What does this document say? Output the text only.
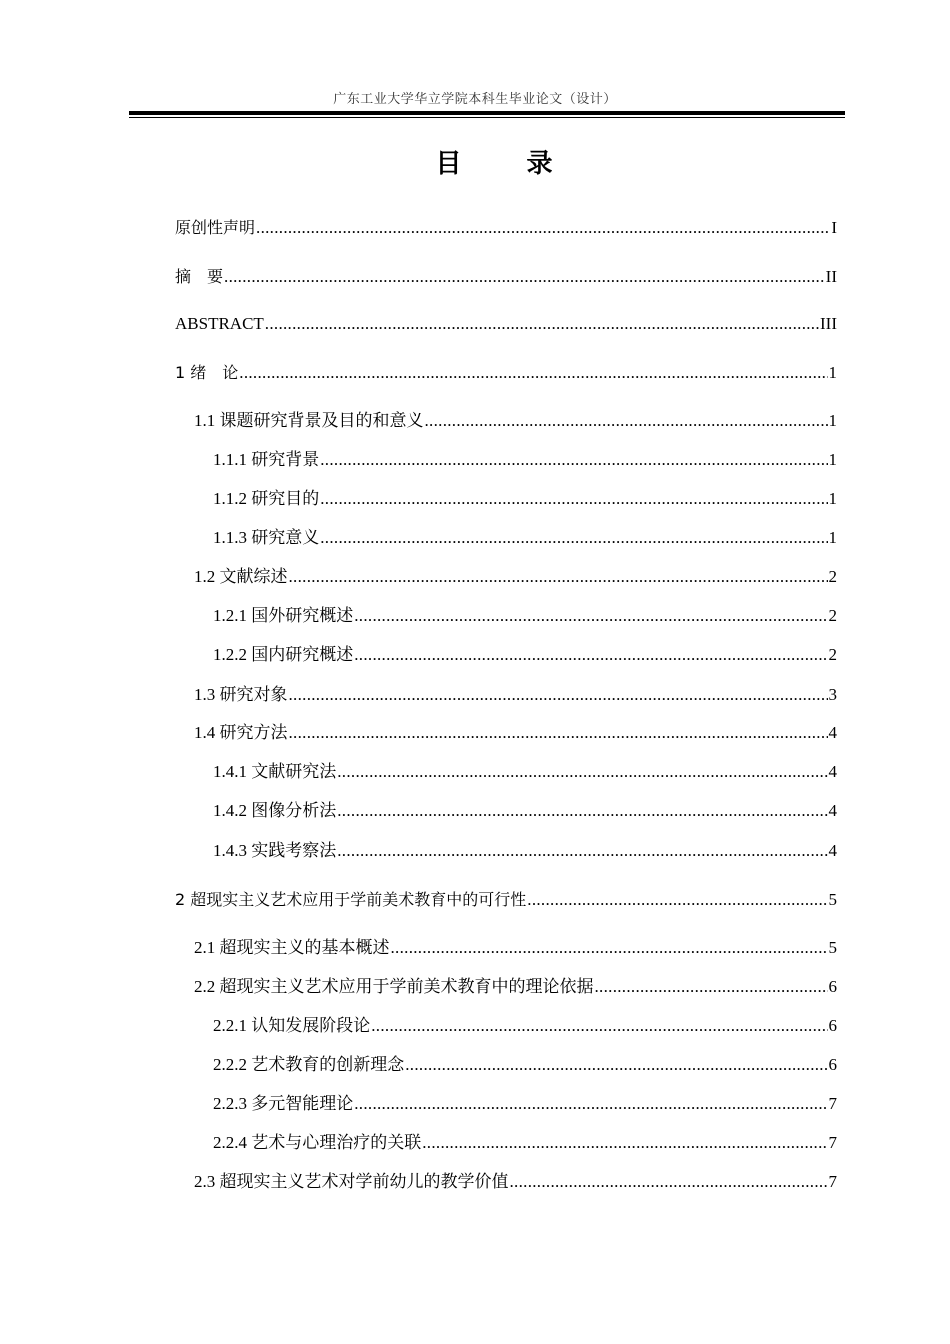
广东工业大学华立学院本科生毕业论文（设计）
目 录
原创性声明 .....	I
摘　要 .....	II
ABSTRACT .....	III
1 绪　论 .....	1
1.1 课题研究背景及目的和意义 .....	1
1.1.1 研究背景 .....	1
1.1.2 研究目的 .....	1
1.1.3 研究意义 .....	1
1.2 文献综述 .....	2
1.2.1 国外研究概述 .....	2
1.2.2 国内研究概述 .....	2
1.3 研究对象 .....	3
1.4 研究方法 .....	4
1.4.1 文献研究法 .....	4
1.4.2 图像分析法 .....	4
1.4.3 实践考察法 .....	4
2 超现实主义艺术应用于学前美术教育中的可行性 .....	5
2.1 超现实主义的基本概述 .....	5
2.2 超现实主义艺术应用于学前美术教育中的理论依据 .....	6
2.2.1 认知发展阶段论 .....	6
2.2.2 艺术教育的创新理念 .....	6
2.2.3 多元智能理论 .....	7
2.2.4 艺术与心理治疗的关联 .....	7
2.3 超现实主义艺术对学前幼儿的教学价值 .....	7
